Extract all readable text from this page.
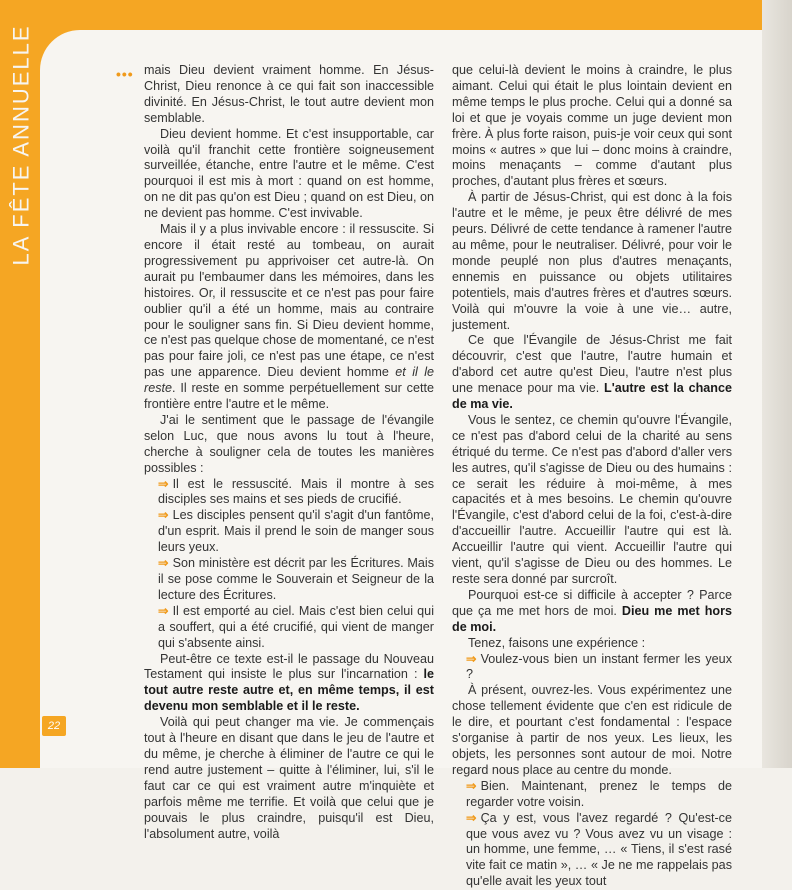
LA FÊTE ANNUELLE	••• mais Dieu devient vraiment homme. En Jésus-Christ, Dieu renonce à ce qui fait son inaccessible divinité. En Jésus-Christ, le tout autre devient mon semblable.

Dieu devient homme. Et c'est insupportable, car voilà qu'il franchit cette frontière soigneusement surveillée, étanche, entre l'autre et le même. C'est pourquoi il est mis à mort : quand on est homme, on ne dit pas qu'on est Dieu ; quand on est Dieu, on ne devient pas homme. C'est invivable.

Mais il y a plus invivable encore : il ressuscite. Si encore il était resté au tombeau, on aurait progressivement pu apprivoiser cet autre-là. On aurait pu l'embaumer dans les mémoires, dans les histoires. Or, il ressuscite et ce n'est pas pour faire oublier qu'il a été un homme, mais au contraire pour le souligner sans fin. Si Dieu devient homme, ce n'est pas quelque chose de momentané, ce n'est pas pour faire joli, ce n'est pas une étape, ce n'est pas une apparence. Dieu devient homme et il le reste. Il reste en somme perpétuellement sur cette frontière entre l'autre et le même.

J'ai le sentiment que le passage de l'évangile selon Luc, que nous avons lu tout à l'heure, cherche à souligner cela de toutes les manières possibles :

⇒ Il est le ressuscité. Mais il montre à ses disciples ses mains et ses pieds de crucifié.

⇒ Les disciples pensent qu'il s'agit d'un fantôme, d'un esprit. Mais il prend le soin de manger sous leurs yeux.

⇒ Son ministère est décrit par les Écritures. Mais il se pose comme le Souverain et Seigneur de la lecture des Écritures.

⇒ Il est emporté au ciel. Mais c'est bien celui qui a souffert, qui a été crucifié, qui vient de manger qui s'absente ainsi.

Peut-être ce texte est-il le passage du Nouveau Testament qui insiste le plus sur l'incarnation : le tout autre reste autre et, en même temps, il est devenu mon semblable et il le reste.

Voilà qui peut changer ma vie. Je commençais tout à l'heure en disant que dans le jeu de l'autre et du même, je cherche à éliminer de l'autre ce qui le rend autre justement – quitte à l'éliminer, lui, s'il le faut car ce qui est vraiment autre m'inquiète et parfois même me terrifie. Et voilà que celui que je pouvais le plus craindre, puisqu'il est Dieu, l'absolument autre, voilà

que celui-là devient le moins à craindre, le plus aimant. Celui qui était le plus lointain devient en même temps le plus proche. Celui qui a donné sa loi et que je voyais comme un juge devient mon frère. À plus forte raison, puis-je voir ceux qui sont moins « autres » que lui – donc moins à craindre, moins menaçants – comme d'autant plus proches, d'autant plus frères et sœurs.

À partir de Jésus-Christ, qui est donc à la fois l'autre et le même, je peux être délivré de mes peurs. Délivré de cette tendance à ramener l'autre au même, pour le neutraliser. Délivré, pour voir le monde peuplé non plus d'autres menaçants, ennemis en puissance ou objets utilitaires potentiels, mais d'autres frères et d'autres sœurs. Voilà qui m'ouvre la voie à une vie… autre, justement.

Ce que l'Évangile de Jésus-Christ me fait découvrir, c'est que l'autre, l'autre humain et d'abord cet autre qu'est Dieu, l'autre n'est plus une menace pour ma vie. L'autre est la chance de ma vie.

Vous le sentez, ce chemin qu'ouvre l'Évangile, ce n'est pas d'abord celui de la charité au sens étriqué du terme. Ce n'est pas d'abord d'aller vers les autres, qu'il s'agisse de Dieu ou des humains : ce serait les réduire à moi-même, à mes capacités et à mes besoins. Le chemin qu'ouvre l'Évangile, c'est d'abord celui de la foi, c'est-à-dire d'accueillir l'autre. Accueillir l'autre qui est là. Accueillir l'autre qui vient. Accueillir l'autre qui vient, qu'il s'agisse de Dieu ou des hommes. Le reste sera donné par surcroît.

Pourquoi est-ce si difficile à accepter ? Parce que ça me met hors de moi. Dieu me met hors de moi.

Tenez, faisons une expérience :

⇒ Voulez-vous bien un instant fermer les yeux ?

À présent, ouvrez-les. Vous expérimentez une chose tellement évidente que c'en est ridicule de le dire, et pourtant c'est fondamental : l'espace s'organise à partir de nos yeux. Les lieux, les objets, les personnes sont autour de moi. Notre regard nous place au centre du monde.

⇒ Bien. Maintenant, prenez le temps de regarder votre voisin.

⇒ Ça y est, vous l'avez regardé ? Qu'est-ce que vous avez vu ? Vous avez vu un visage : un homme, une femme, … « Tiens, il s'est rasé vite fait ce matin », … « Je ne me rappelais pas qu'elle avait les yeux tout

22
